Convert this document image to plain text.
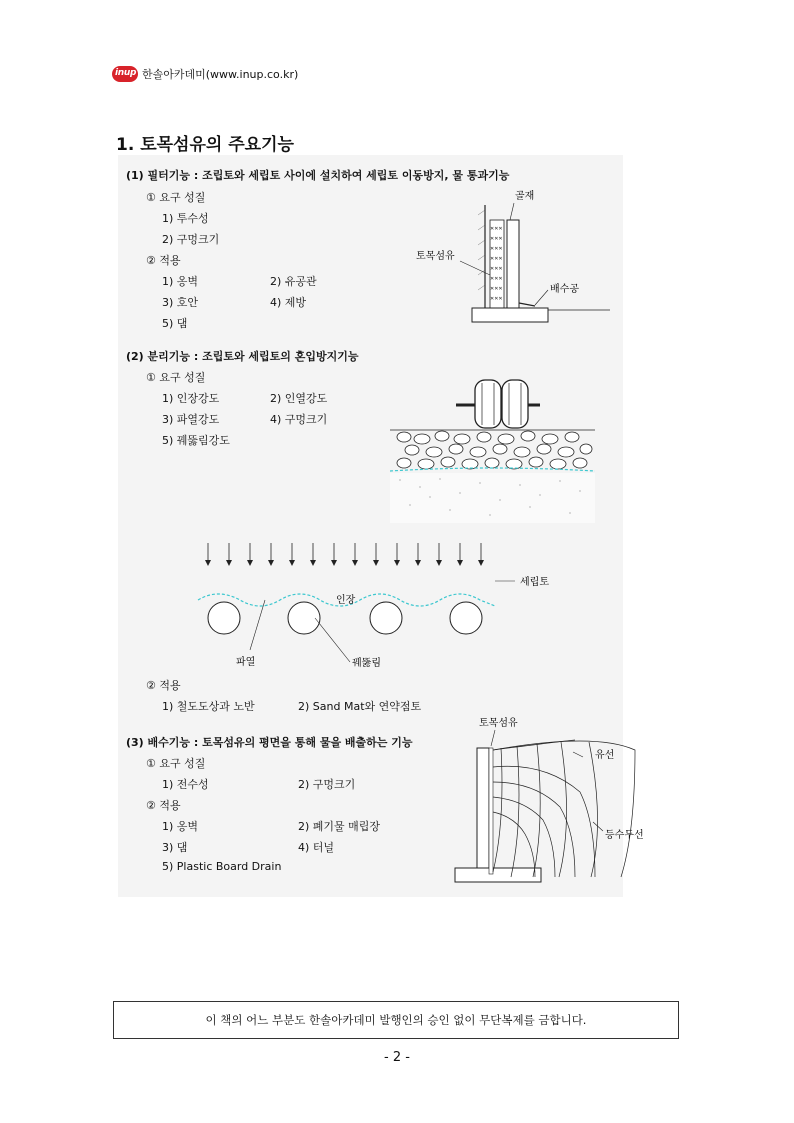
inup 한솔아카데미(www.inup.co.kr)
1. 토목섬유의 주요기능
(1) 필터기능 : 조립토와 세립토 사이에 설치하여 세립토 이동방지, 물 통과기능
① 요구 성질
1) 투수성
2) 구멍크기
② 적용
1) 옹벽	2) 유공관
3) 호안	4) 제방
5) 댐
(2) 분리기능 : 조립토와 세립토의 혼입방지기능
① 요구 성질
1) 인장강도	2) 인열강도
3) 파열강도	4) 구멍크기
5) 꿰뚫림강도
② 적용
1) 철도도상과 노반	2) Sand Mat와 연약점토
(3) 배수기능 : 토목섬유의 평면을 통해 물을 배출하는 기능
① 요구 성질
1) 전수성	2) 구멍크기
② 적용
1) 옹벽	2) 폐기물 매립장
3) 댐	4) 터널
5) Plastic Board Drain
✕✕✕
✕✕✕
✕✕✕
✕✕✕
✕✕✕
✕✕✕
✕✕✕
✕✕✕
골재
토목섬유
배수공
세립토
인장
파열	꿰뚫림
토목섬유
유선
등수두선
이 책의 어느 부분도 한솔아카데미 발행인의 승인 없이 무단복제를 금합니다.
- 2 -
